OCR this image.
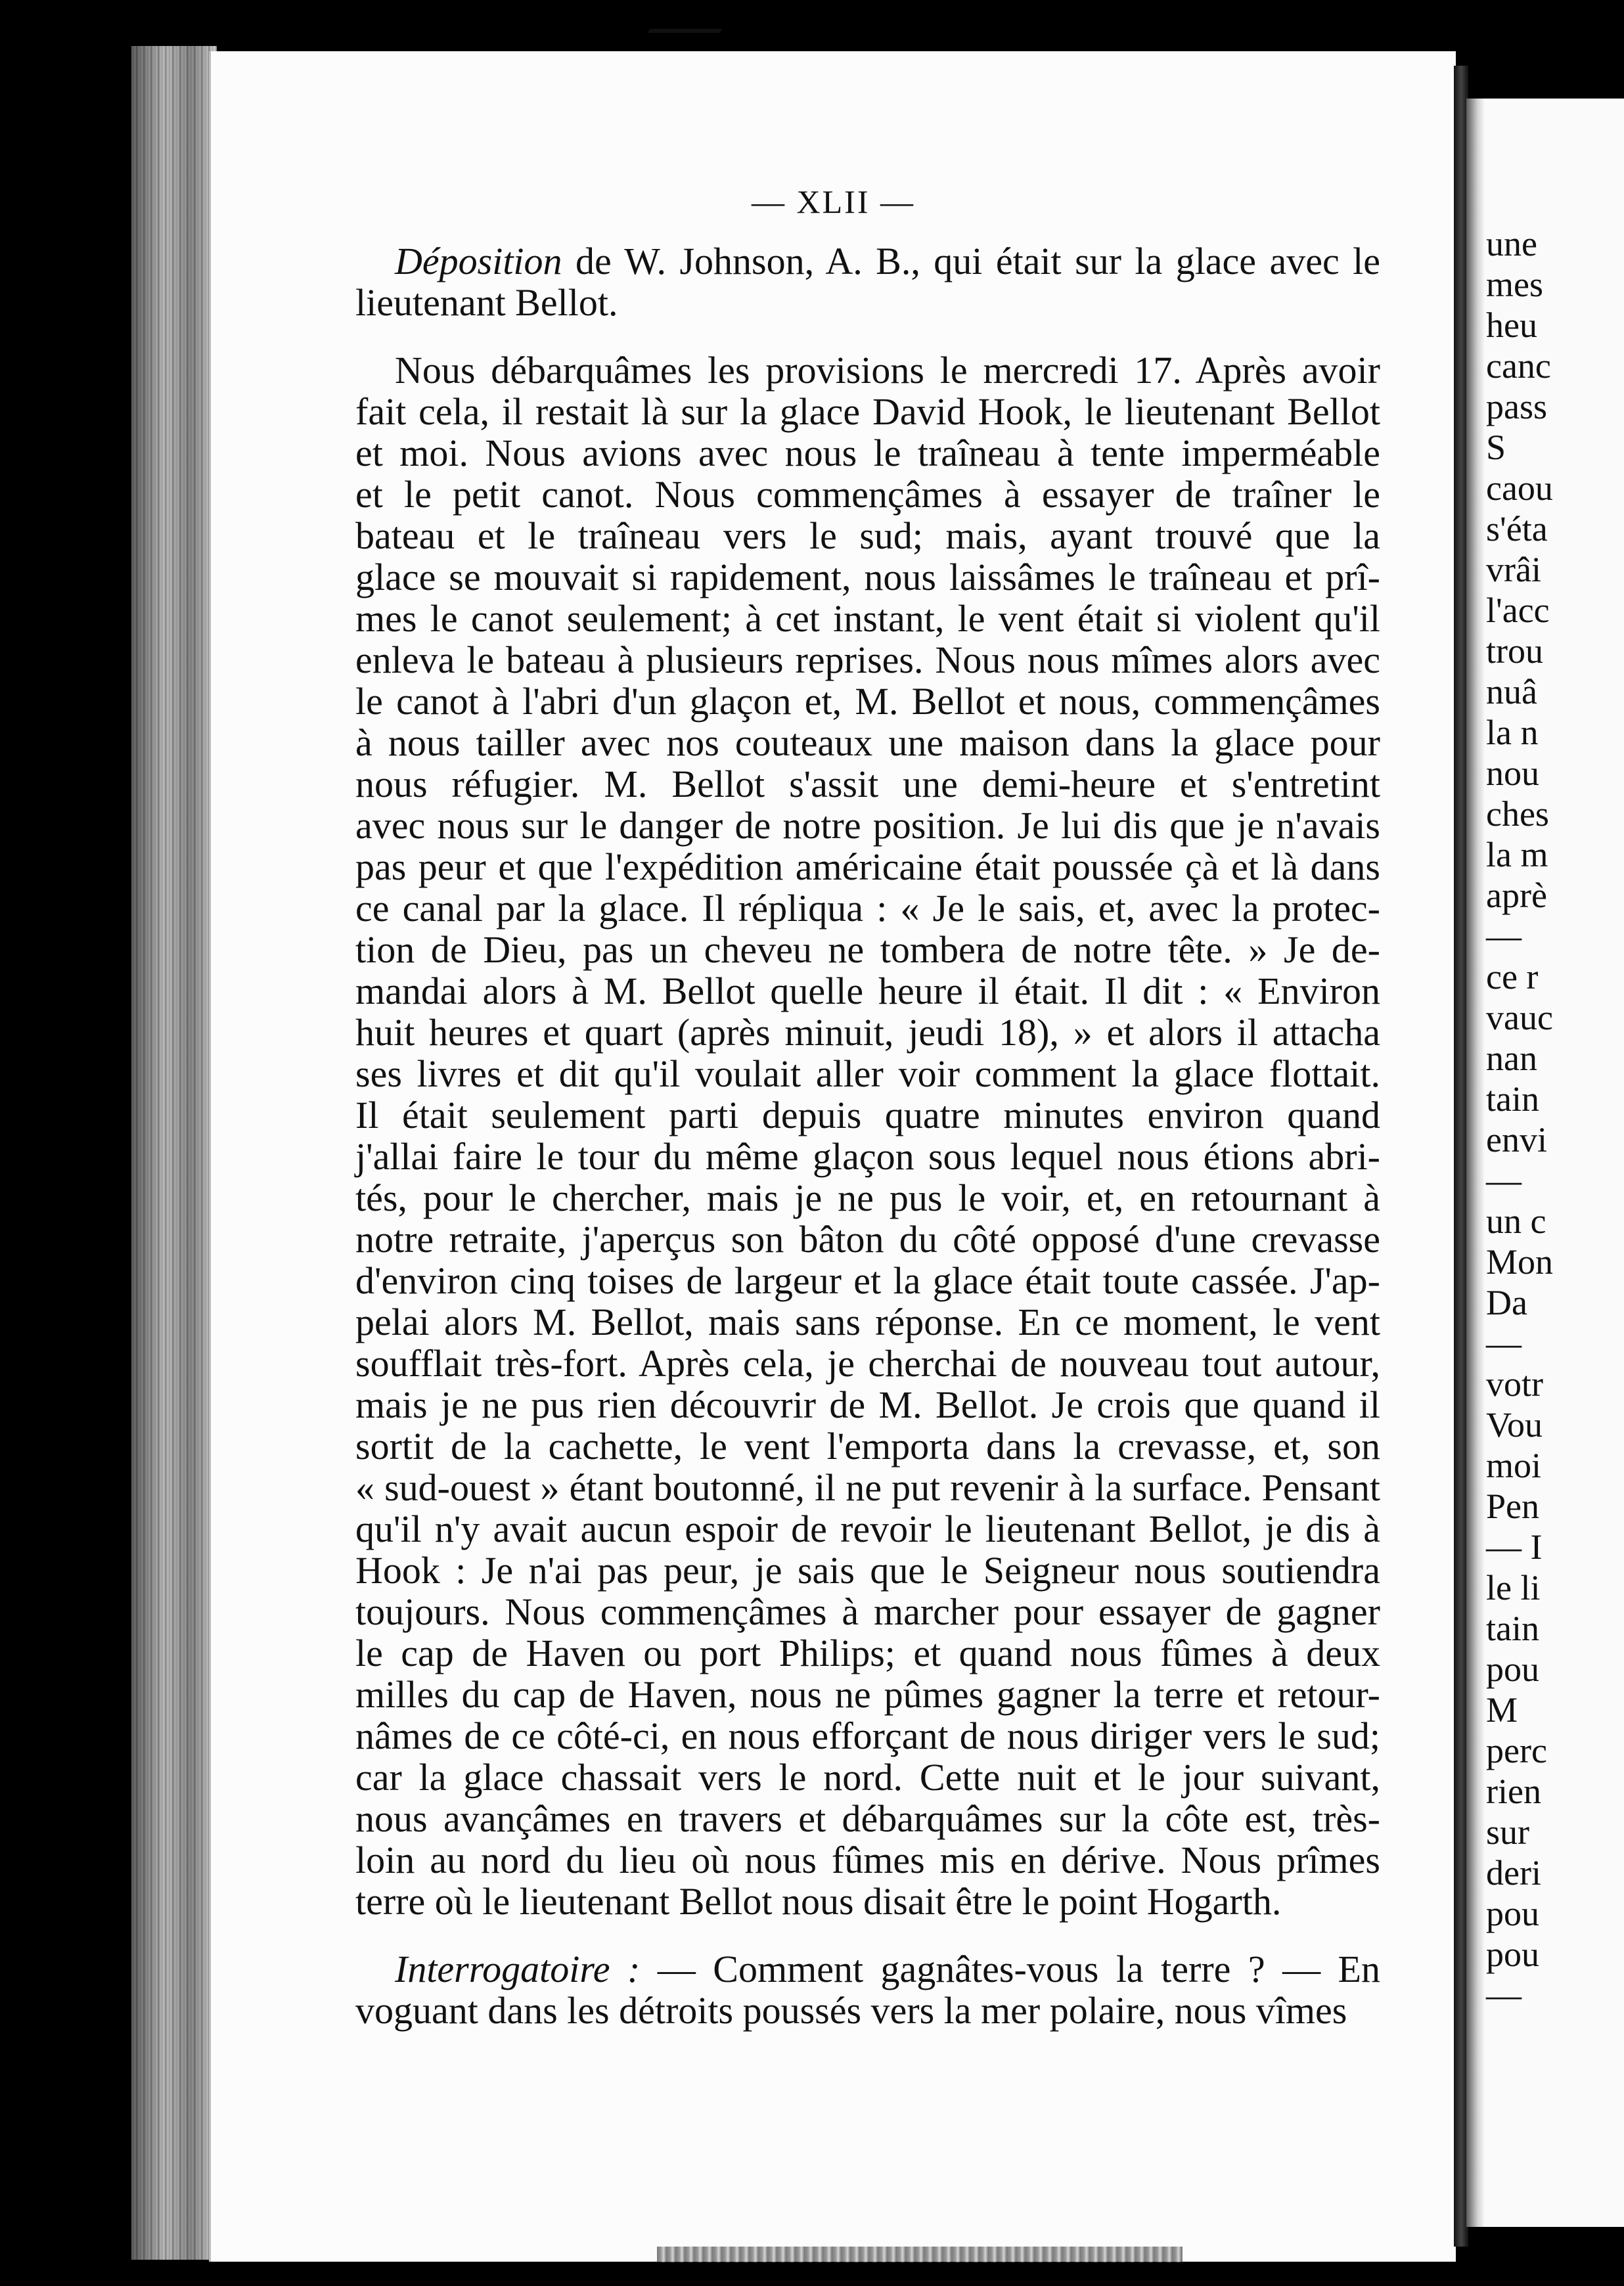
— XLII —

Déposition de W. Johnson, A. B., qui était sur la glace avec le
lieutenant Bellot.

Nous débarquâmes les provisions le mercredi 17. Après avoir
fait cela, il restait là sur la glace David Hook, le lieutenant Bellot
et moi. Nous avions avec nous le traîneau à tente imperméable
et le petit canot. Nous commençâmes à essayer de traîner le
bateau et le traîneau vers le sud; mais, ayant trouvé que la
glace se mouvait si rapidement, nous laissâmes le traîneau et prî-
mes le canot seulement; à cet instant, le vent était si violent qu'il
enleva le bateau à plusieurs reprises. Nous nous mîmes alors avec
le canot à l'abri d'un glaçon et, M. Bellot et nous, commençâmes
à nous tailler avec nos couteaux une maison dans la glace pour
nous réfugier. M. Bellot s'assit une demi-heure et s'entretint
avec nous sur le danger de notre position. Je lui dis que je n'avais
pas peur et que l'expédition américaine était poussée çà et là dans
ce canal par la glace. Il répliqua : « Je le sais, et, avec la protec-
tion de Dieu, pas un cheveu ne tombera de notre tête. » Je de-
mandai alors à M. Bellot quelle heure il était. Il dit : « Environ
huit heures et quart (après minuit, jeudi 18), » et alors il attacha
ses livres et dit qu'il voulait aller voir comment la glace flottait.
Il était seulement parti depuis quatre minutes environ quand
j'allai faire le tour du même glaçon sous lequel nous étions abri-
tés, pour le chercher, mais je ne pus le voir, et, en retournant à
notre retraite, j'aperçus son bâton du côté opposé d'une crevasse
d'environ cinq toises de largeur et la glace était toute cassée. J'ap-
pelai alors M. Bellot, mais sans réponse. En ce moment, le vent
soufflait très-fort. Après cela, je cherchai de nouveau tout autour,
mais je ne pus rien découvrir de M. Bellot. Je crois que quand il
sortit de la cachette, le vent l'emporta dans la crevasse, et, son
« sud-ouest » étant boutonné, il ne put revenir à la surface. Pensant
qu'il n'y avait aucun espoir de revoir le lieutenant Bellot, je dis à
Hook : Je n'ai pas peur, je sais que le Seigneur nous soutiendra
toujours. Nous commençâmes à marcher pour essayer de gagner
le cap de Haven ou port Philips; et quand nous fûmes à deux
milles du cap de Haven, nous ne pûmes gagner la terre et retour-
nâmes de ce côté-ci, en nous efforçant de nous diriger vers le sud;
car la glace chassait vers le nord. Cette nuit et le jour suivant,
nous avançâmes en travers et débarquâmes sur la côte est, très-
loin au nord du lieu où nous fûmes mis en dérive. Nous prîmes
terre où le lieutenant Bellot nous disait être le point Hogarth.

Interrogatoire : — Comment gagnâtes-vous la terre ? — En
voguant dans les détroits poussés vers la mer polaire, nous vîmes

une
mes
heu
canc
pass
S
caou
s'éta
vrâi
l'acc
trou
nuâ
la n
nou
ches
la m
aprè
—
ce r
vauc
nan
tain
envi
—
un c
Mon
Da
—
votr
Vou
moi
Pen
— I
le li
tain
pou
M
perc
rien
sur
deri
pou
pou
—
